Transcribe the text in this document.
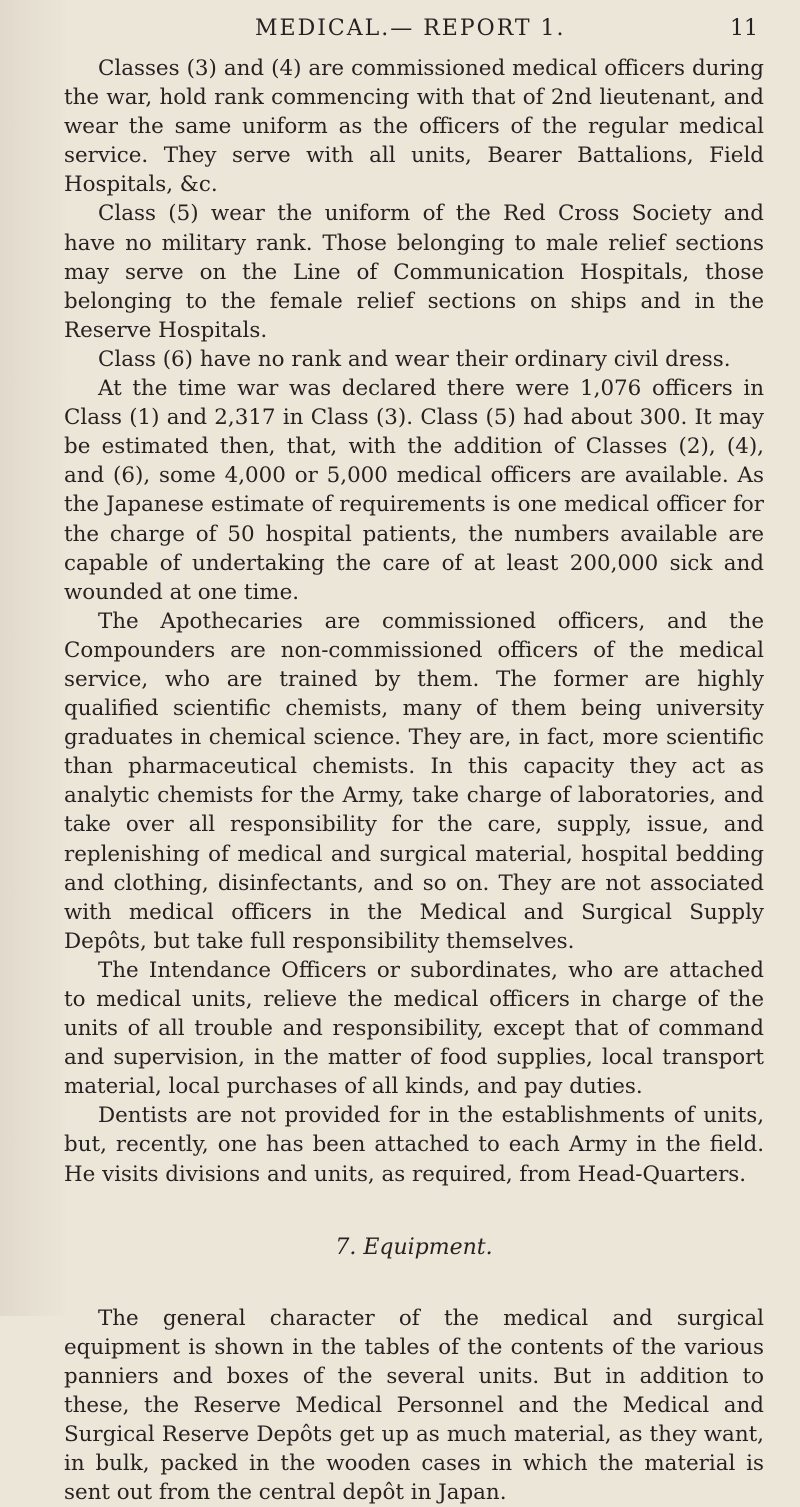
MEDICAL.— REPORT 1.	11

Classes (3) and (4) are commissioned medical officers during the war, hold rank commencing with that of 2nd lieutenant, and wear the same uniform as the officers of the regular medical service. They serve with all units, Bearer Battalions, Field Hospitals, &c.

Class (5) wear the uniform of the Red Cross Society and have no military rank. Those belonging to male relief sections may serve on the Line of Communication Hospitals, those belonging to the female relief sections on ships and in the Reserve Hospitals.

Class (6) have no rank and wear their ordinary civil dress.

At the time war was declared there were 1,076 officers in Class (1) and 2,317 in Class (3). Class (5) had about 300. It may be estimated then, that, with the addition of Classes (2), (4), and (6), some 4,000 or 5,000 medical officers are available. As the Japanese estimate of requirements is one medical officer for the charge of 50 hospital patients, the numbers available are capable of undertaking the care of at least 200,000 sick and wounded at one time.

The Apothecaries are commissioned officers, and the Compounders are non-commissioned officers of the medical service, who are trained by them. The former are highly qualified scientific chemists, many of them being university graduates in chemical science. They are, in fact, more scientific than pharmaceutical chemists. In this capacity they act as analytic chemists for the Army, take charge of laboratories, and take over all responsibility for the care, supply, issue, and replenishing of medical and surgical material, hospital bedding and clothing, disinfectants, and so on. They are not associated with medical officers in the Medical and Surgical Supply Depôts, but take full responsibility themselves.

The Intendance Officers or subordinates, who are attached to medical units, relieve the medical officers in charge of the units of all trouble and responsibility, except that of command and supervision, in the matter of food supplies, local transport material, local purchases of all kinds, and pay duties.

Dentists are not provided for in the establishments of units, but, recently, one has been attached to each Army in the field. He visits divisions and units, as required, from Head-Quarters.

7. Equipment.

The general character of the medical and surgical equipment is shown in the tables of the contents of the various panniers and boxes of the several units. But in addition to these, the Reserve Medical Personnel and the Medical and Surgical Reserve Depôts get up as much material, as they want, in bulk, packed in the wooden cases in which the material is sent out from the central depôt in Japan.
